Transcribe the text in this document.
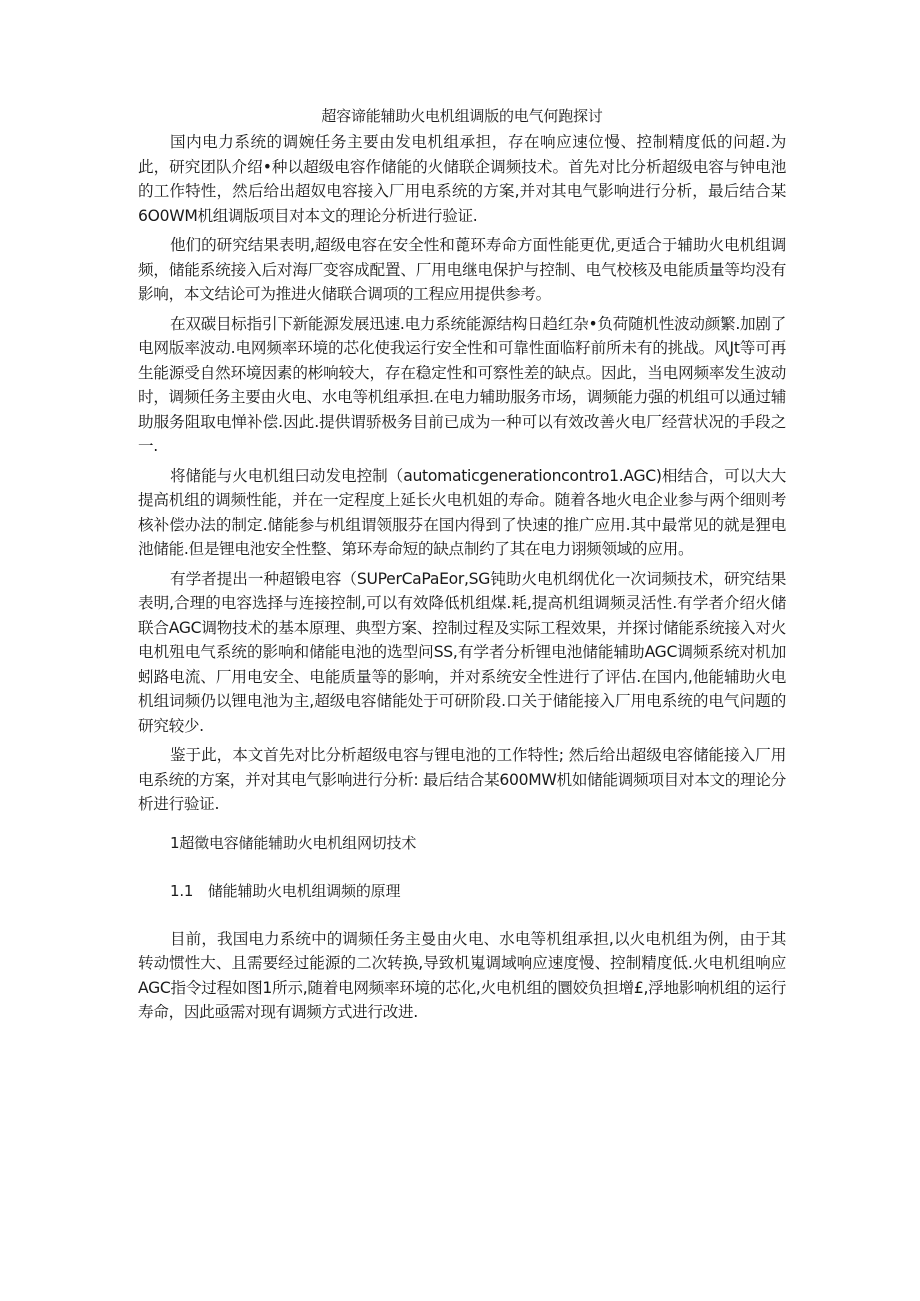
超容谛能辅助火电机组调版的电气何跑探讨

国内电力系统的调婉任务主要由发电机组承担，存在响应速位慢、控制精度低的问超.为此，研究团队介绍•种以超级电容作储能的火储联企调频技术。首先对比分析超级电容与钟电池的工作特性，然后给出超奴电容接入厂用电系统的方案,并对其电气影响进行分析，最后结合某6O0WM机组调版项目对本文的理论分析进行验证.

他们的研究结果表明,超级电容在安全性和蓖环寿命方面性能更优,更适合于辅助火电机组调频，储能系统接入后对海厂变容成配置、厂用电继电保护与控制、电气校核及电能质量等均没有影响，本文结论可为推进火储联合调项的工程应用提供参考。

在双碳目标指引下新能源发展迅速.电力系统能源结构日趋红杂•负荷随机性波动颜繁.加剧了电网版率波动.电网频率环境的芯化使我运行安全性和可靠性面临籽前所未有的挑战。风Jt等可再生能源受自然环境因素的彬响较大，存在稳定性和可察性差的缺点。因此，当电网频率发生波动时，调频任务主要由火电、水电等机组承担.在电力辅助服务市场，调频能力强的机组可以通过辅助服务阻取电惮补偿.因此.提供谓骄极务目前已成为一种可以有效改善火电厂经营状况的手段之一.

将储能与火电机组曰动发电控制（automaticgenerationcontro1.AGC)相结合，可以大大提高机组的调频性能，并在一定程度上延长火电机姐的寿命。随着各地火电企业参与两个细则考核补偿办法的制定.储能参与机组谓领服芬在国内得到了快速的推广应用.其中最常见的就是狸电池储能.但是锂电池安全性整、第环寿命短的缺点制约了其在电力诩频领域的应用。

有学者提出一种超锻电容（SUPerCaPaEor,SG钝助火电机纲优化一次词频技术，研究结果表明,合理的电容选择与连接控制,可以有效降低机组煤.耗,提高机组调频灵活性.有学者介绍火储联合AGC调物技术的基本原理、典型方案、控制过程及实际工程效果，并探讨储能系统接入对火电机殂电气系统的影响和储能电池的选型问SS,有学者分析锂电池储能辅助AGC调频系统对机加蚓路电流、厂用电安全、电能质量等的影响，并对系统安全性进行了评估.在国内,他能辅助火电机组词频仍以锂电池为主,超级电容储能处于可研阶段.口关于储能接入厂用电系统的电气问题的研究较少.

鉴于此，本文首先对比分析超级电容与锂电池的工作特性; 然后给出超级电容储能接入厂用电系统的方案，并对其电气影响进行分析: 最后结合某600MW机如储能调频项目对本文的理论分析进行验证.

1超徵电容储能辅助火电机组网切技术
1.1 储能辅助火电机组调频的原理

目前，我国电力系统中的调频任务主曼由火电、水电等机组承担,以火电机组为例，由于其转动惯性大、且需要经过能源的二次转换,导致机嵬调域响应速度慢、控制精度低.火电机组响应AGC指令过程如图1所示,随着电网频率环境的芯化,火电机组的圜姣负担增£,浮地影响机组的运行寿命，因此亟需对现有调频方式进行改进.
